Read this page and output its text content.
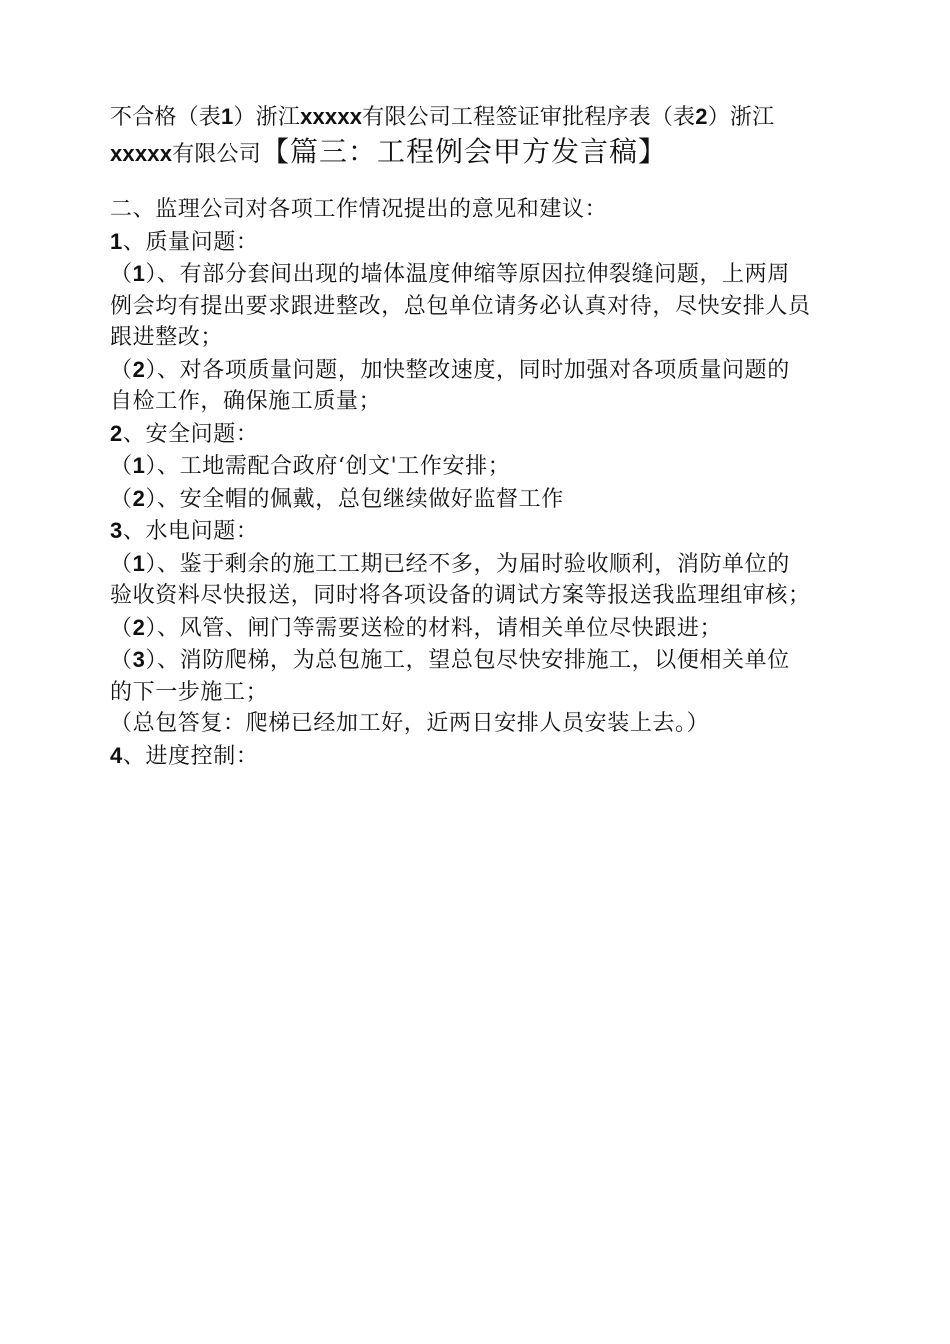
不合格（表1）浙江xxxxx有限公司工程签证审批程序表（表2）浙江
xxxxx有限公司【篇三：工程例会甲方发言稿】
二、监理公司对各项工作情况提出的意见和建议：
1、质量问题：
（1）、有部分套间出现的墙体温度伸缩等原因拉伸裂缝问题，上两周
例会均有提出要求跟进整改，总包单位请务必认真对待，尽快安排人员
跟进整改；
（2）、对各项质量问题，加快整改速度，同时加强对各项质量问题的
自检工作，确保施工质量；
2、安全问题：
（1）、工地需配合政府‘创文'工作安排；
（2）、安全帽的佩戴，总包继续做好监督工作
3、水电问题：
（1）、鉴于剩余的施工工期已经不多，为届时验收顺利，消防单位的
验收资料尽快报送，同时将各项设备的调试方案等报送我监理组审核；
（2）、风管、闸门等需要送检的材料，请相关单位尽快跟进；
（3）、消防爬梯，为总包施工，望总包尽快安排施工，以便相关单位
的下一步施工；
（总包答复：爬梯已经加工好，近两日安排人员安装上去。）
4、进度控制：
